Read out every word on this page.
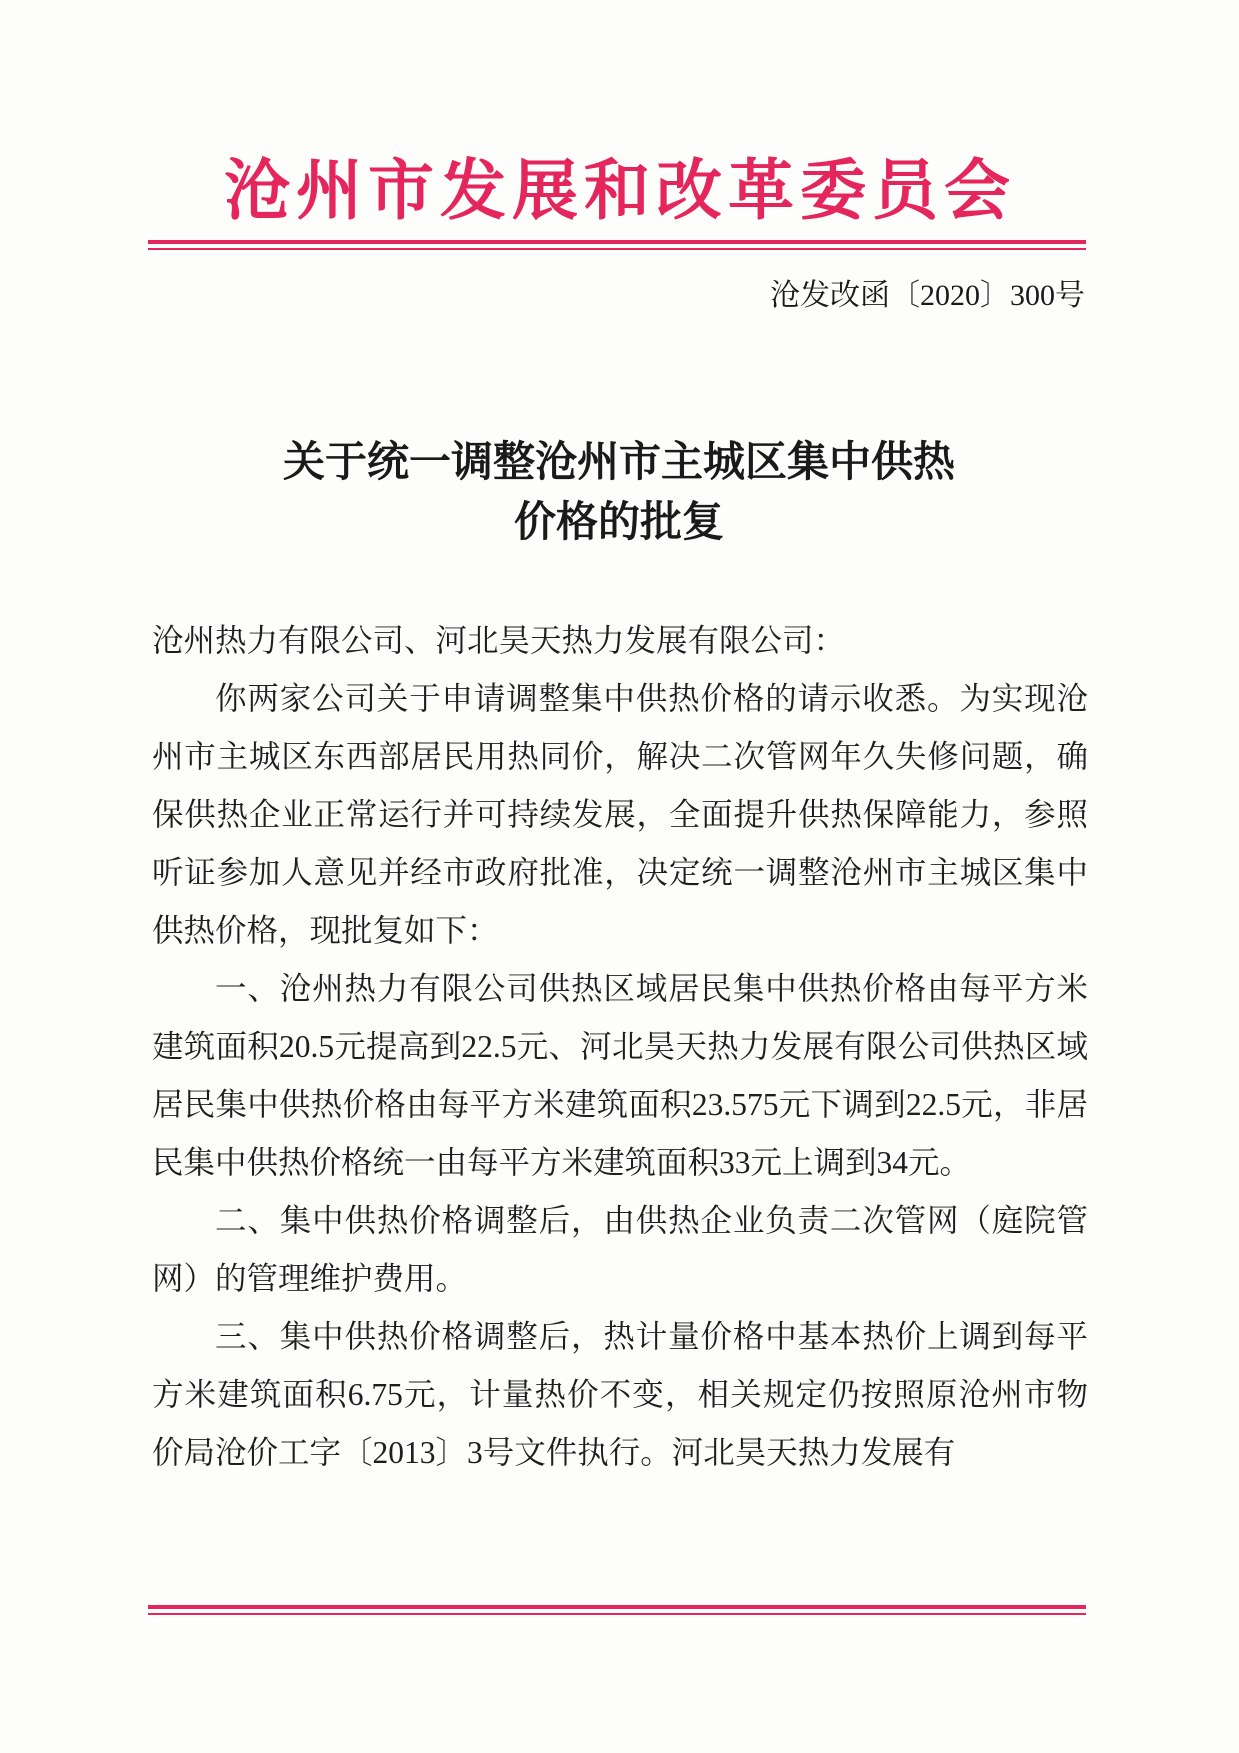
沧州市发展和改革委员会
沧发改函〔2020〕300号
关于统一调整沧州市主城区集中供热
价格的批复

沧州热力有限公司、河北昊天热力发展有限公司：

你两家公司关于申请调整集中供热价格的请示收悉。为实现沧州市主城区东西部居民用热同价，解决二次管网年久失修问题，确保供热企业正常运行并可持续发展，全面提升供热保障能力，参照听证参加人意见并经市政府批准，决定统一调整沧州市主城区集中供热价格，现批复如下：

一、沧州热力有限公司供热区域居民集中供热价格由每平方米建筑面积20.5元提高到22.5元、河北昊天热力发展有限公司供热区域居民集中供热价格由每平方米建筑面积23.575元下调到22.5元，非居民集中供热价格统一由每平方米建筑面积33元上调到34元。

二、集中供热价格调整后，由供热企业负责二次管网（庭院管网）的管理维护费用。

三、集中供热价格调整后，热计量价格中基本热价上调到每平方米建筑面积6.75元，计量热价不变，相关规定仍按照原沧州市物价局沧价工字〔2013〕3号文件执行。河北昊天热力发展有
